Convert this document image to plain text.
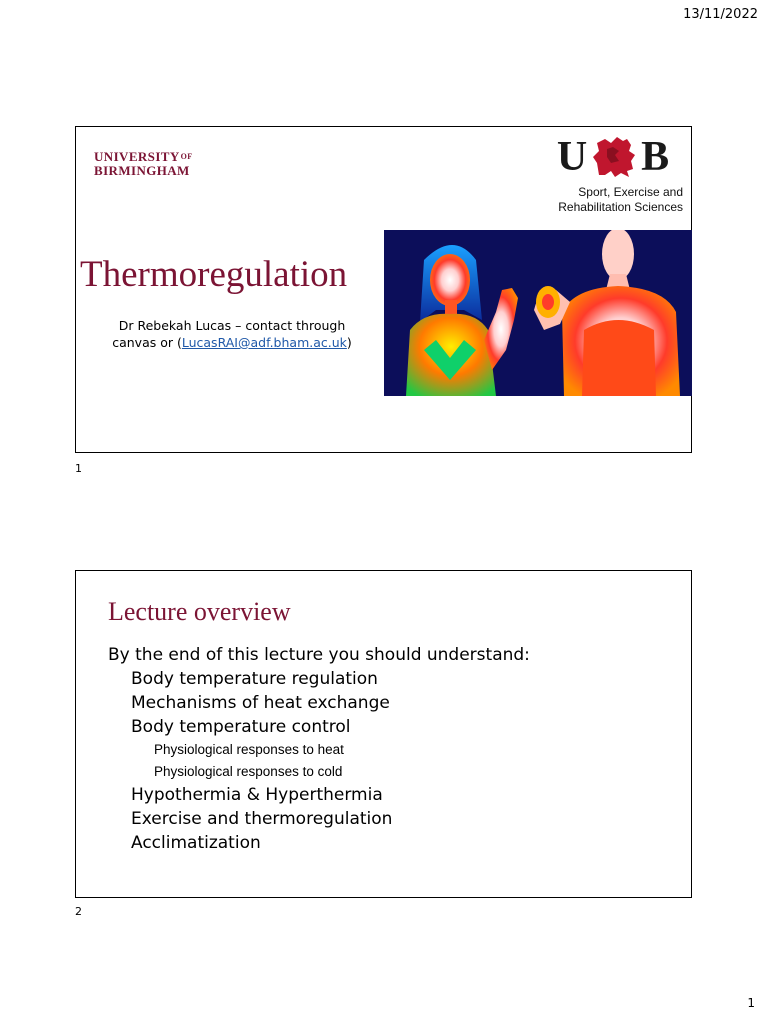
13/11/2022
$UNIVERSITY^{OF}$
BIRMINGHAM	U B
Sport, Exercise and
Rehabilitation Sciences
Thermoregulation
Dr Rebekah Lucas – contact through
canvas or (LucasRAI@adf.bham.ac.uk)
1
Lecture overview
By the end of this lecture you should understand:
Body temperature regulation
Mechanisms of heat exchange
Body temperature control
Physiological responses to heat
Physiological responses to cold
Hypothermia & Hyperthermia
Exercise and thermoregulation
Acclimatization
2
1
